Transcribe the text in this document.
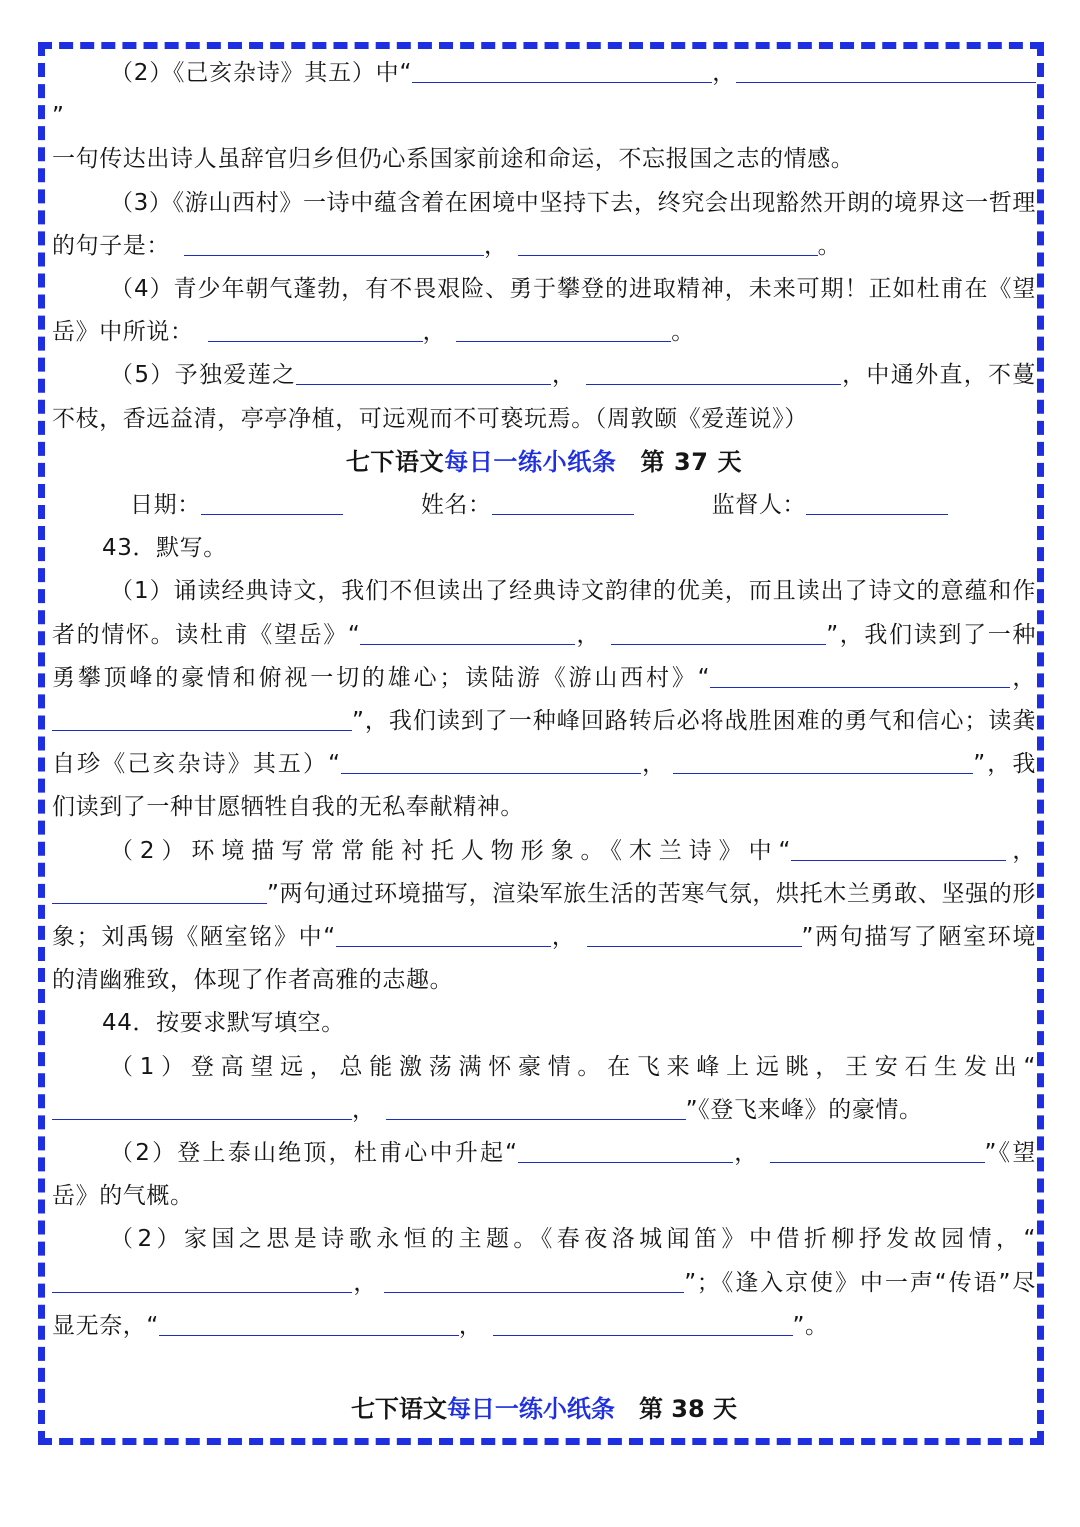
（2）《己亥杂诗》其五）中“	，”

一句传达出诗人虽辞官归乡但仍心系国家前途和命运，不忘报国之志的情感。

（3）《游山西村》一诗中蕴含着在困境中坚持下去，终究会出现豁然开朗的境界这一哲理的句子是：	，	。

（4）青少年朝气蓬勃，有不畏艰险、勇于攀登的进取精神，未来可期！正如杜甫在《望岳》中所说：	，	。

（5）予独爱莲之	，	，中通外直，不蔓不枝，香远益清，亭亭净植，可远观而不可亵玩焉。（周敦颐《爱莲说》）

七下语文每日一练小纸条 第 37 天

日期：	姓名：	监督人：

43．默写。

（1）诵读经典诗文，我们不但读出了经典诗文韵律的优美，而且读出了诗文的意蕴和作者的情怀。读杜甫《望岳》“	，	”，我们读到了一种勇攀顶峰的豪情和俯视一切的雄心；读陆游《游山西村》“	，”，我们读到了一种峰回路转后必将战胜困难的勇气和信心；读龚自珍《己亥杂诗》其五）“	，	”，我们读到了一种甘愿牺牲自我的无私奉献精神。

（2）环境描写常常能衬托人物形象。《木兰诗》中“	，”两句通过环境描写，渲染军旅生活的苦寒气氛，烘托木兰勇敢、坚强的形象；刘禹锡《陋室铭》中“	，	”两句描写了陋室环境的清幽雅致，体现了作者高雅的志趣。

44．按要求默写填空。

（1）登高望远，总能激荡满怀豪情。在飞来峰上远眺，王安石生发出“，	”《登飞来峰》的豪情。

（2）登上泰山绝顶，杜甫心中升起“	，	”《望岳》的气概。

（2）家国之思是诗歌永恒的主题。《春夜洛城闻笛》中借折柳抒发故园情，“，	”；《逢入京使》中一声“传语”尽显无奈，“	，	”。

七下语文每日一练小纸条 第 38 天
